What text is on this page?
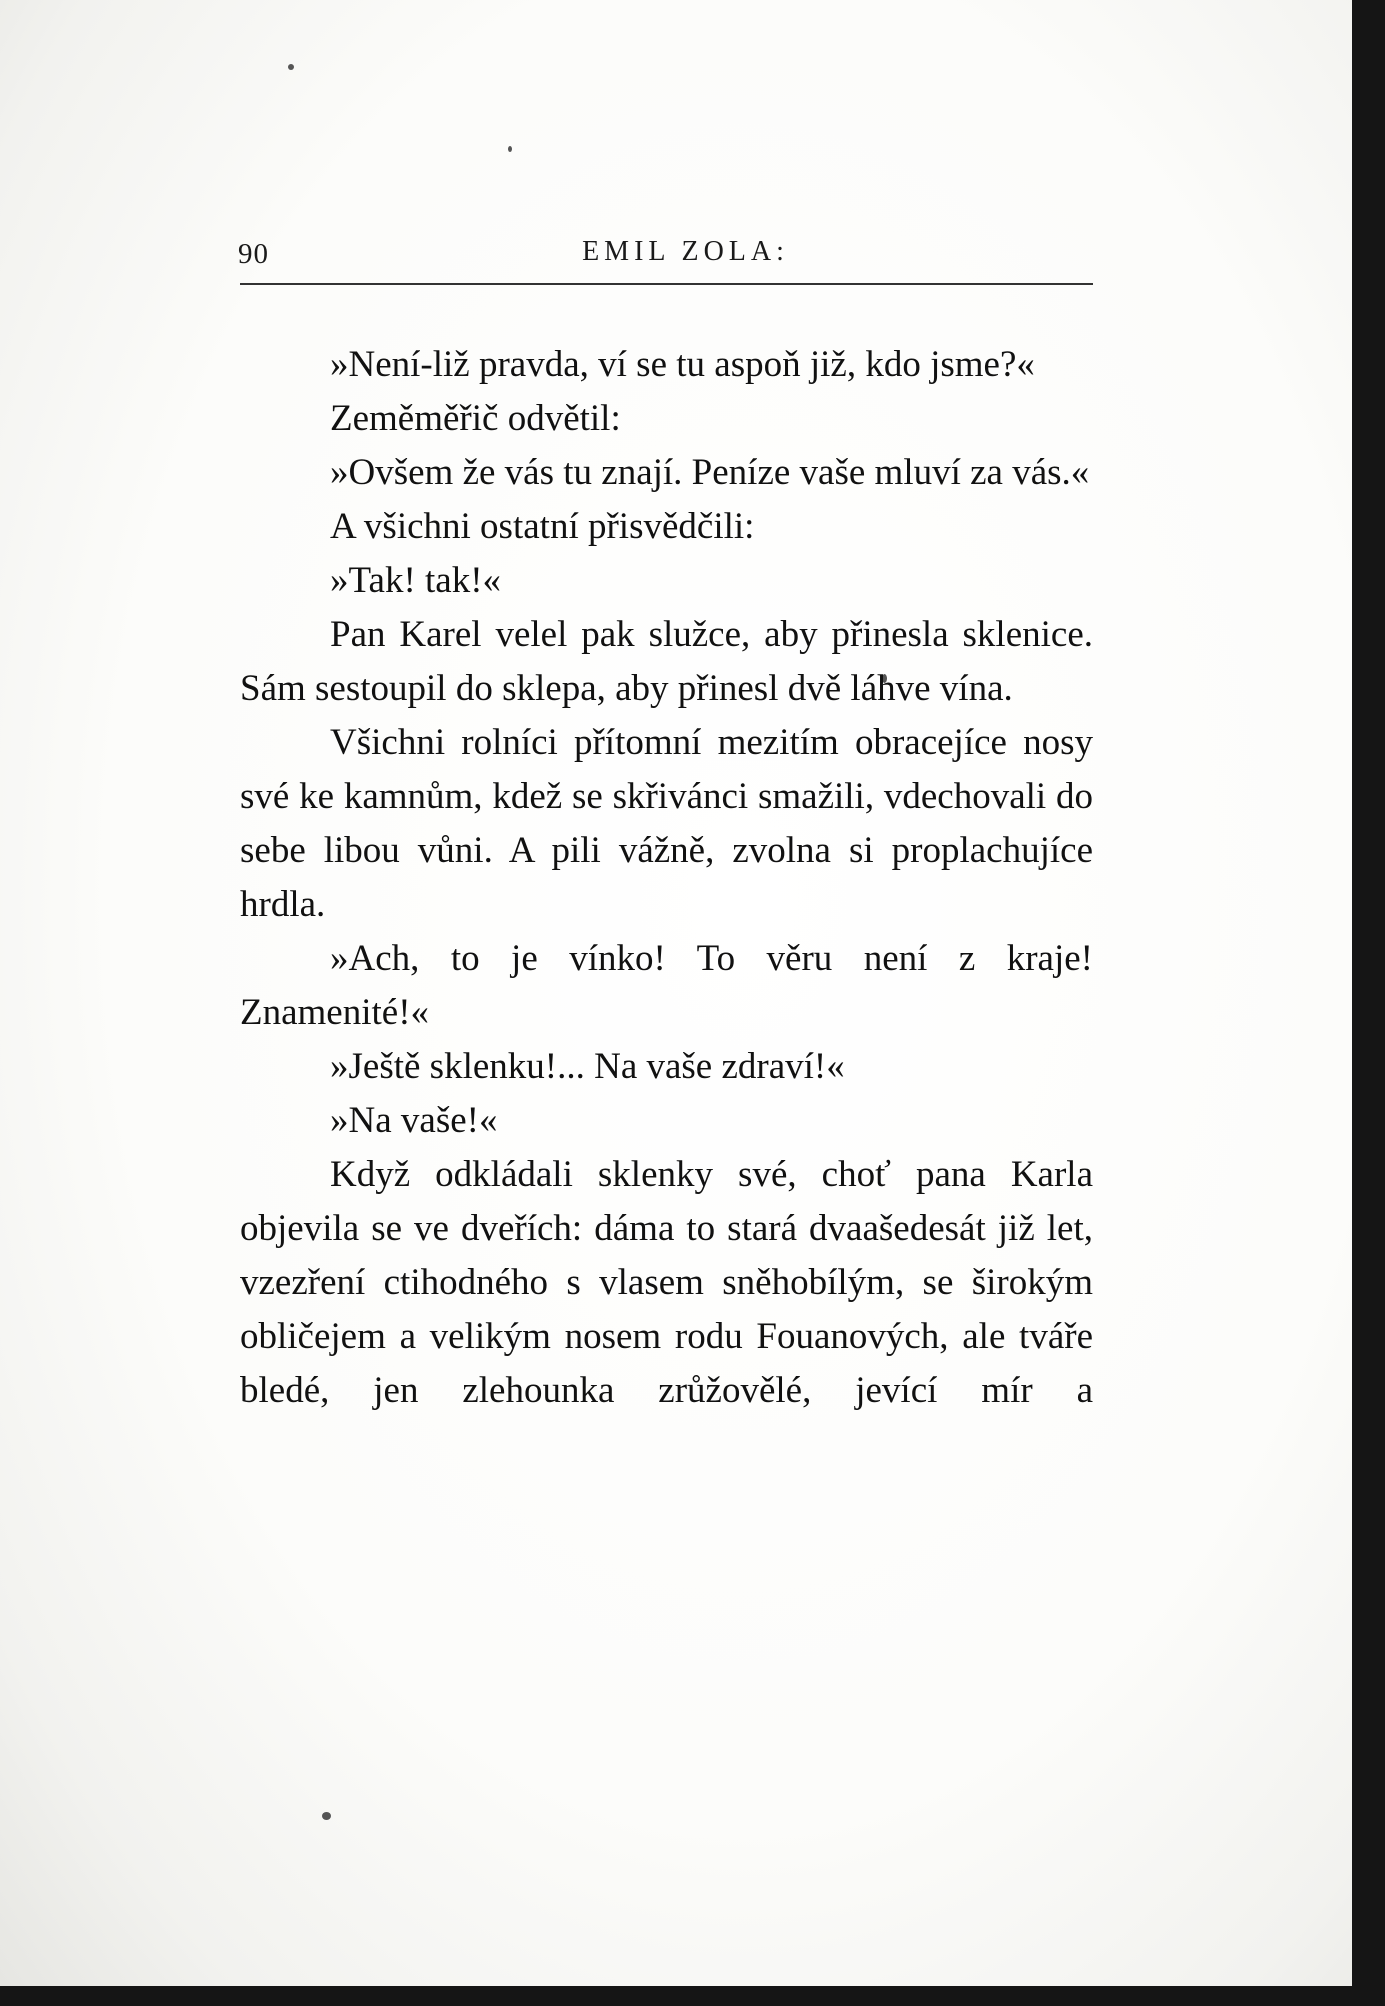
90	EMIL ZOLA:

»Není-liž pravda, ví se tu aspoň již, kdo jsme?«

Zeměměřič odvětil:

»Ovšem že vás tu znají. Peníze vaše mluví za vás.«

A všichni ostatní přisvědčili:

»Tak! tak!«

Pan Karel velel pak služce, aby přinesla sklenice. Sám sestoupil do sklepa, aby přinesl dvě láhve vína.

Všichni rolníci přítomní mezitím obracejíce nosy své ke kamnům, kdež se skřivánci smažili, vdechovali do sebe libou vůni. A pili vážně, zvolna si proplachujíce hrdla.

»Ach, to je vínko! To věru není z kraje! Znamenité!«

»Ještě sklenku!... Na vaše zdraví!«

»Na vaše!«

Když odkládali sklenky své, choť pana Karla objevila se ve dveřích: dáma to stará dvaašedesát již let, vzezření ctihodného s vlasem sněhobílým, se širokým obličejem a velikým nosem rodu Fouanových, ale tváře bledé, jen zlehounka zrůžovělé, jevící mír a
